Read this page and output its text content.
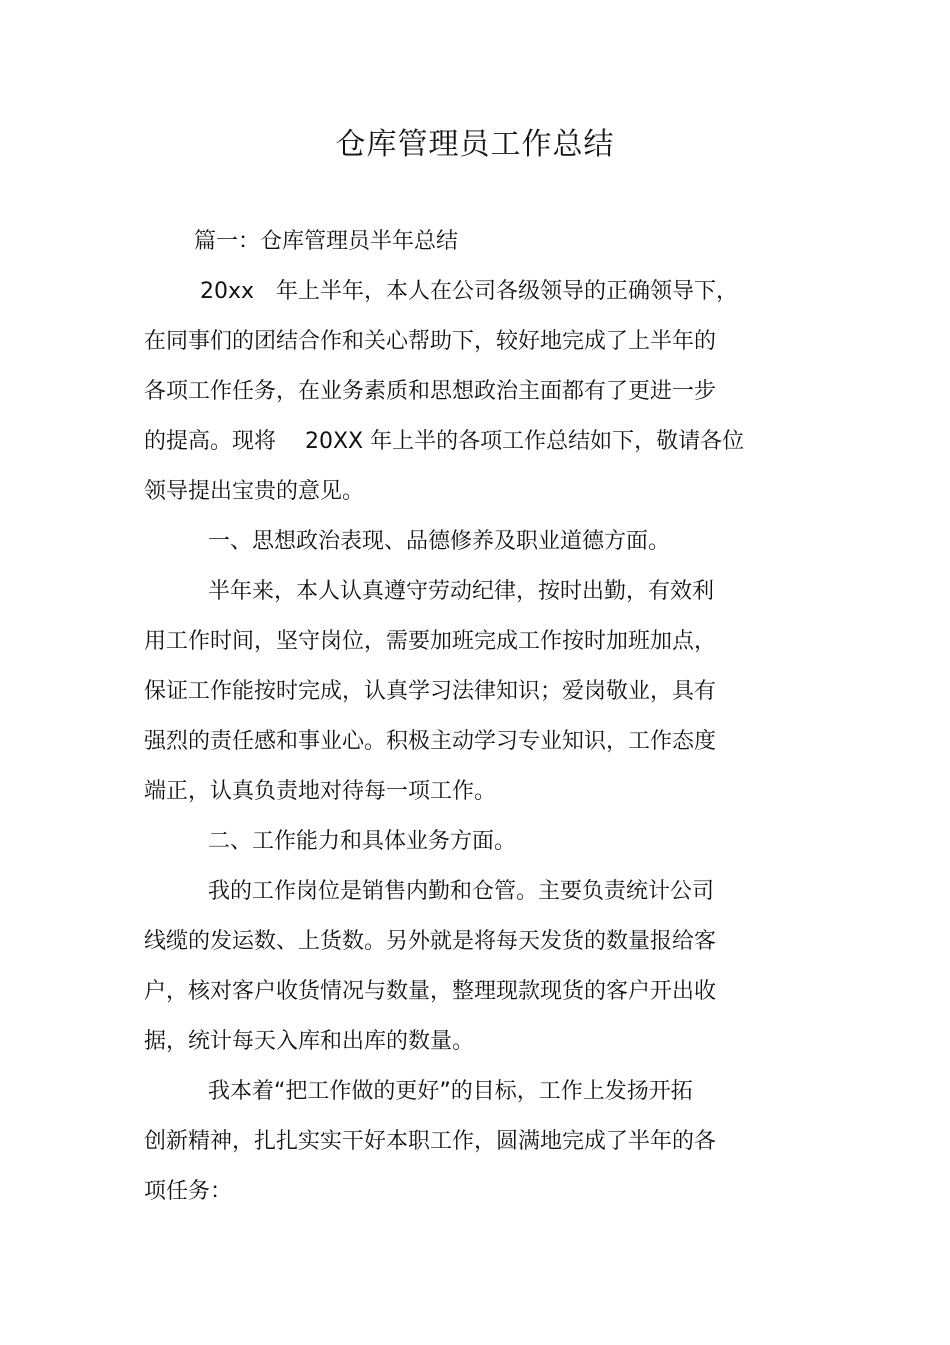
仓库管理员工作总结
篇一：仓库管理员半年总结
20xx　年上半年，本人在公司各级领导的正确领导下，
在同事们的团结合作和关心帮助下，较好地完成了上半年的
各项工作任务，在业务素质和思想政治主面都有了更进一步
的提高。现将　 20XX 年上半的各项工作总结如下，敬请各位
领导提出宝贵的意见。
一、思想政治表现、品德修养及职业道德方面。
半年来，本人认真遵守劳动纪律，按时出勤，有效利
用工作时间，坚守岗位，需要加班完成工作按时加班加点，
保证工作能按时完成，认真学习法律知识；爱岗敬业，具有
强烈的责任感和事业心。积极主动学习专业知识，工作态度
端正，认真负责地对待每一项工作。
二、工作能力和具体业务方面。
我的工作岗位是销售内勤和仓管。主要负责统计公司
线缆的发运数、上货数。另外就是将每天发货的数量报给客
户，核对客户收货情况与数量，整理现款现货的客户开出收
据，统计每天入库和出库的数量。
我本着“把工作做的更好”的目标，工作上发扬开拓
创新精神，扎扎实实干好本职工作，圆满地完成了半年的各
项任务：
